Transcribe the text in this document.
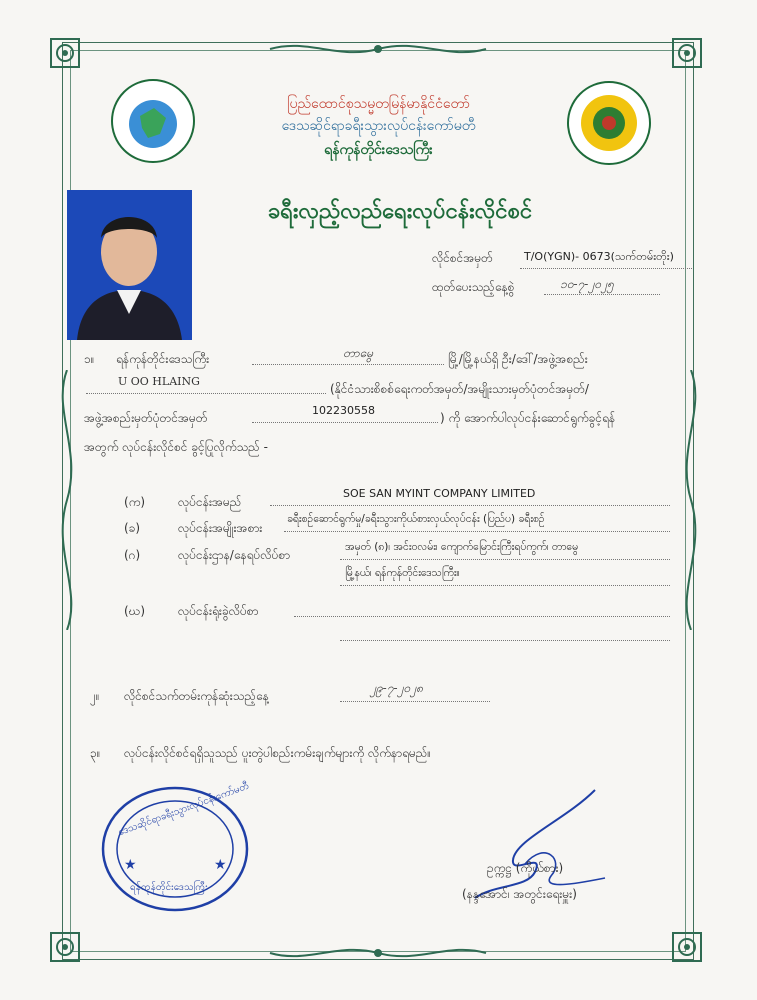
ပြည်ထောင်စုသမ္မတမြန်မာနိုင်ငံတော်
ဒေသဆိုင်ရာခရီးသွားလုပ်ငန်းကော်မတီ
ရန်ကုန်တိုင်းဒေသကြီး
ခရီးလှည့်လည်ရေးလုပ်ငန်းလိုင်စင်
လိုင်စင်အမှတ်	T/O(YGN)- 0673(သက်တမ်းတိုး)
ထုတ်ပေးသည့်နေ့စွဲ	၁၀-၇-၂၀၂၅
၁။ ရန်ကုန်တိုင်းဒေသကြီး	တာမွေ	မြို့/မြို့နယ်ရှိ ဦး/ဒေါ်/အဖွဲ့အစည်း
U OO HLAING
(နိုင်ငံသားစိစစ်ရေးကတ်အမှတ်/အမျိုးသားမှတ်ပုံတင်အမှတ်/
အဖွဲ့အစည်းမှတ်ပုံတင်အမှတ်
102230558
) ကို အောက်ပါလုပ်ငန်းဆောင်ရွက်ခွင့်ရန်
အတွက် လုပ်ငန်းလိုင်စင် ခွင့်ပြုလိုက်သည် -
(က)	လုပ်ငန်းအမည်
SOE SAN MYINT COMPANY LIMITED
(ခ)	လုပ်ငန်းအမျိုးအစား
ခရီးစဉ်ဆောင်ရွက်မှု/ခရီးသွားကိုယ်စားလှယ်လုပ်ငန်း (ပြည်ပ) ခရီးစဉ်
(ဂ)	လုပ်ငန်းဌာန/နေရပ်လိပ်စာ
အမှတ် (၈)၊ အင်းဝလမ်း၊ ကျောက်မြောင်းကြီးရပ်ကွက်၊ တာမွေ
မြို့နယ်၊ ရန်ကုန်တိုင်းဒေသကြီး။
(ဃ)	လုပ်ငန်းရုံးခွဲလိပ်စာ
၂။ လိုင်စင်သက်တမ်းကုန်ဆုံးသည့်နေ့
၂၉-၇-၂၀၂၈
၃။ လုပ်ငန်းလိုင်စင်ရရှိသူသည် ပူးတွဲပါစည်းကမ်းချက်များကို လိုက်နာရမည်။
★	★
ဒေသဆိုင်ရာခရီးသွားလုပ်ငန်းကော်မတီ
ရန်ကုန်တိုင်းဒေသကြီး
ဥက္ကဋ္ဌ (ကိုယ်စား)
(နန္ဒအောင်၊ အတွင်းရေးမှူး)
